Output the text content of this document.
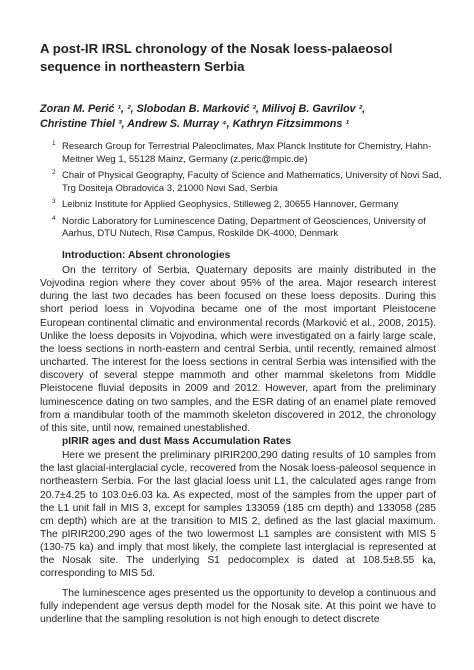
A post-IR IRSL chronology of the Nosak loess-palaeosol sequence in northeastern Serbia
Zoran M. Perić ¹, ², Slobodan B. Marković ², Milivoj B. Gavrilov ²,
Christine Thiel ³, Andrew S. Murray ⁴, Kathryn Fitzsimmons ¹
1 Research Group for Terrestrial Paleoclimates, Max Planck Institute for Chemistry, Hahn-Meitner Weg 1, 55128 Mainz, Germany (z.peric@mpic.de)
2 Chair of Physical Geography, Faculty of Science and Mathematics, University of Novi Sad, Trg Dositeja Obradovića 3, 21000 Novi Sad, Serbia
3 Leibniz Institute for Applied Geophysics, Stilleweg 2, 30655 Hannover, Germany
4 Nordic Laboratory for Luminescence Dating, Department of Geosciences, University of Aarhus, DTU Nutech, Risø Campus, Roskilde DK-4000, Denmark
Introduction: Absent chronologies

On the territory of Serbia, Quaternary deposits are mainly distributed in the Vojvodina region where they cover about 95% of the area. Major research interest during the last two decades has been focused on these loess deposits. During this short period loess in Vojvodina became one of the most important Pleistocene European continental climatic and environmental records (Marković et al., 2008, 2015). Unlike the loess deposits in Vojvodina, which were investigated on a fairly large scale, the loess sections in north-eastern and central Serbia, until recently, remained almost uncharted. The interest for the loess sections in central Serbia was intensified with the discovery of several steppe mammoth and other mammal skeletons from Middle Pleistocene fluvial deposits in 2009 and 2012. However, apart from the preliminary luminescence dating on two samples, and the ESR dating of an enamel plate removed from a mandibular tooth of the mammoth skeleton discovered in 2012, the chronology of this site, until now, remained unestablished.

pIRIR ages and dust Mass Accumulation Rates

Here we present the preliminary pIRIR200,290 dating results of 10 samples from the last glacial-interglacial cycle, recovered from the Nosak loess-paleosol sequence in northeastern Serbia. For the last glacial loess unit L1, the calculated ages range from 20.7±4.25 to 103.0±6.03 ka. As expected, most of the samples from the upper part of the L1 unit fall in MIS 3, except for samples 133059 (185 cm depth) and 133058 (285 cm depth) which are at the transition to MIS 2, defined as the last glacial maximum. The pIRIR200,290 ages of the two lowermost L1 samples are consistent with MIS 5 (130-75 ka) and imply that most likely, the complete last interglacial is represented at the Nosak site. The underlying S1 pedocomplex is dated at 108.5±8.55 ka, corresponding to MIS 5d.

The luminescence ages presented us the opportunity to develop a continuous and fully independent age versus depth model for the Nosak site. At this point we have to underline that the sampling resolution is not high enough to detect discrete
